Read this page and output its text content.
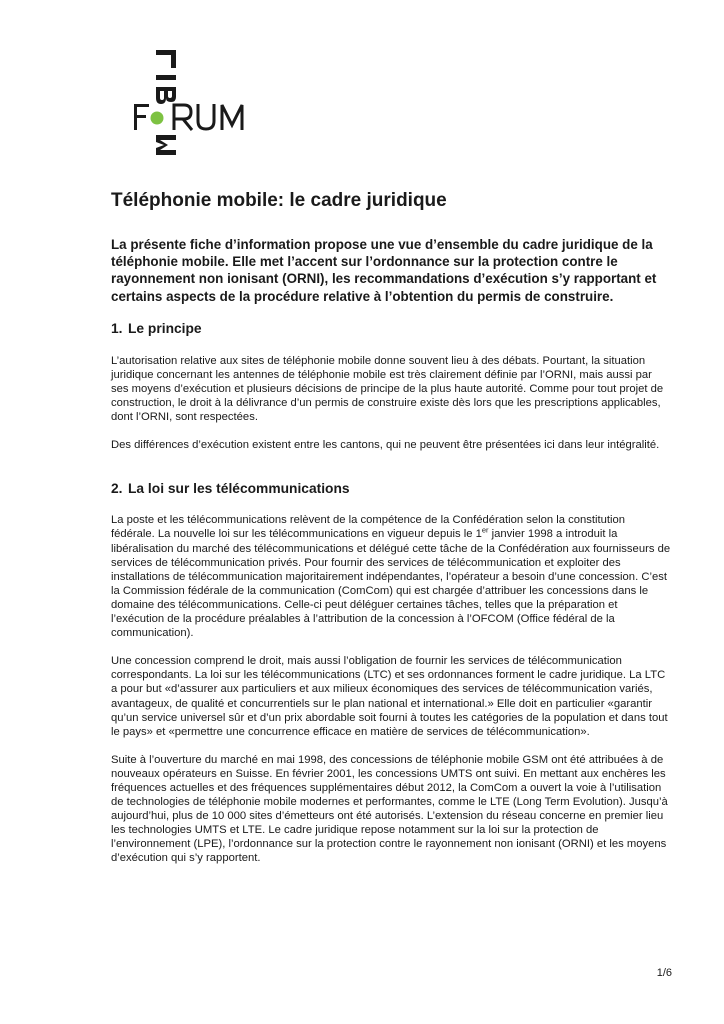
Téléphonie mobile: le cadre juridique

La présente fiche d’information propose une vue d’ensemble du cadre juridique de la téléphonie mobile. Elle met l’accent sur l’ordonnance sur la protection contre le rayonnement non ionisant (ORNI), les recommandations d’exécution s’y rapportant et certains aspects de la procédure relative à l’obtention du permis de construire.

1. Le principe

L’autorisation relative aux sites de téléphonie mobile donne souvent lieu à des débats. Pourtant, la situation juridique concernant les antennes de téléphonie mobile est très clairement définie par l’ORNI, mais aussi par ses moyens d’exécution et plusieurs décisions de principe de la plus haute autorité. Comme pour tout projet de construction, le droit à la délivrance d’un permis de construire existe dès lors que les prescriptions applicables, dont l’ORNI, sont respectées.

Des différences d’exécution existent entre les cantons, qui ne peuvent être présentées ici dans leur intégralité.

2. La loi sur les télécommunications

La poste et les télécommunications relèvent de la compétence de la Confédération selon la constitution fédérale. La nouvelle loi sur les télécommunications en vigueur depuis le 1er janvier 1998 a introduit la libéralisation du marché des télécommunications et délégué cette tâche de la Confédération aux fournisseurs de services de télécommunication privés. Pour fournir des services de télécommunication et exploiter des installations de télécommunication majoritairement indépendantes, l’opérateur a besoin d’une concession. C’est la Commission fédérale de la communication (ComCom) qui est chargée d’attribuer les concessions dans le domaine des télécommunications. Celle-ci peut déléguer certaines tâches, telles que la préparation et l’exécution de la procédure préalables à l’attribution de la concession à l’OFCOM (Office fédéral de la communication).

Une concession comprend le droit, mais aussi l’obligation de fournir les services de télécommunication correspondants. La loi sur les télécommunications (LTC) et ses ordonnances forment le cadre juridique. La LTC a pour but «d’assurer aux particuliers et aux milieux économiques des services de télécommunication variés, avantageux, de qualité et concurrentiels sur le plan national et international.» Elle doit en particulier «garantir qu’un service universel sûr et d’un prix abordable soit fourni à toutes les catégories de la population et dans tout le pays» et «permettre une concurrence efficace en matière de services de télécommunication».

Suite à l’ouverture du marché en mai 1998, des concessions de téléphonie mobile GSM ont été attribuées à de nouveaux opérateurs en Suisse. En février 2001, les concessions UMTS ont suivi. En mettant aux enchères les fréquences actuelles et des fréquences supplémentaires début 2012, la ComCom a ouvert la voie à l’utilisation de technologies de téléphonie mobile modernes et performantes, comme le LTE (Long Term Evolution). Jusqu’à aujourd’hui, plus de 10 000 sites d’émetteurs ont été autorisés. L’extension du réseau concerne en premier lieu les technologies UMTS et LTE. Le cadre juridique repose notamment sur la loi sur la protection de l’environnement (LPE), l’ordonnance sur la protection contre le rayonnement non ionisant (ORNI) et les moyens d’exécution qui s’y rapportent.

1/6
